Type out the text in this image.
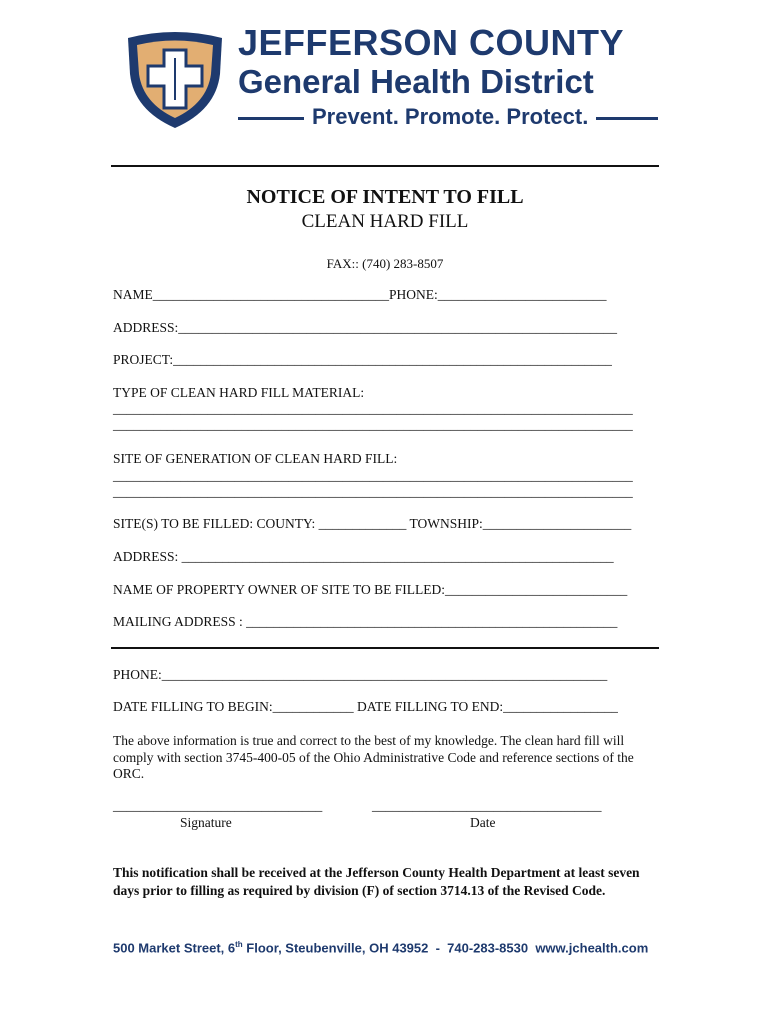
JEFFERSON COUNTY
General Health District
Prevent. Promote. Protect.
NOTICE OF INTENT TO FILL
CLEAN HARD FILL
FAX:: (740) 283-8507
NAME___________________________________PHONE:_________________________
ADDRESS:_________________________________________________________________
PROJECT:_________________________________________________________________
TYPE OF CLEAN HARD FILL MATERIAL:
_____________________________________________________________________________
_____________________________________________________________________________
SITE OF GENERATION OF CLEAN HARD FILL:
_____________________________________________________________________________
_____________________________________________________________________________
SITE(S) TO BE FILLED: COUNTY: _____________ TOWNSHIP:______________________
ADDRESS: ________________________________________________________________
NAME OF PROPERTY OWNER OF SITE TO BE FILLED:___________________________
MAILING ADDRESS : _______________________________________________________
PHONE:__________________________________________________________________
DATE FILLING TO BEGIN:____________ DATE FILLING TO END:_________________
The above information is true and correct to the best of my knowledge. The clean hard fill will comply with section 3745-400-05 of the Ohio Administrative Code and reference sections of the ORC.
_______________________________	__________________________________
Signature	Date
This notification shall be received at the Jefferson County Health Department at least seven days prior to filling as required by division (F) of section 3714.13 of the Revised Code.
500 Market Street, 6th Floor, Steubenville, OH 43952  -  740-283-8530  www.jchealth.com
